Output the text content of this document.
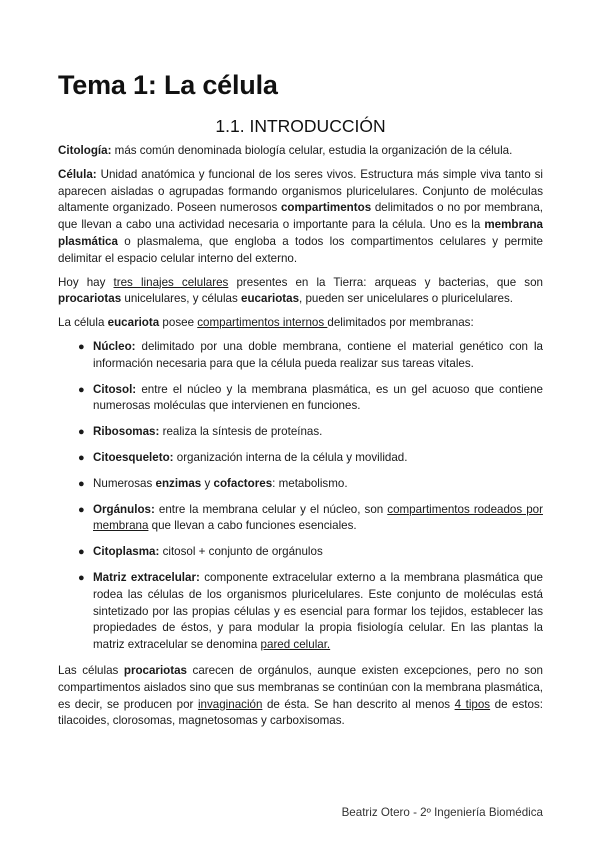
Tema 1: La célula
1.1. INTRODUCCIÓN

Citología: más común denominada biología celular, estudia la organización de la célula.

Célula: Unidad anatómica y funcional de los seres vivos. Estructura más simple viva tanto si aparecen aisladas o agrupadas formando organismos pluricelulares. Conjunto de moléculas altamente organizado. Poseen numerosos compartimentos delimitados o no por membrana, que llevan a cabo una actividad necesaria o importante para la célula. Uno es la membrana plasmática o plasmalema, que engloba a todos los compartimentos celulares y permite delimitar el espacio celular interno del externo.

Hoy hay tres linajes celulares presentes en la Tierra: arqueas y bacterias, que son procariotas unicelulares, y células eucariotas, pueden ser unicelulares o pluricelulares.

La célula eucariota posee compartimentos internos delimitados por membranas:

● Núcleo: delimitado por una doble membrana, contiene el material genético con la información necesaria para que la célula pueda realizar sus tareas vitales.
● Citosol: entre el núcleo y la membrana plasmática, es un gel acuoso que contiene numerosas moléculas que intervienen en funciones.
● Ribosomas: realiza la síntesis de proteínas.
● Citoesqueleto: organización interna de la célula y movilidad.
● Numerosas enzimas y cofactores: metabolismo.
● Orgánulos: entre la membrana celular y el núcleo, son compartimentos rodeados por membrana que llevan a cabo funciones esenciales.
● Citoplasma: citosol + conjunto de orgánulos
● Matriz extracelular: componente extracelular externo a la membrana plasmática que rodea las células de los organismos pluricelulares. Este conjunto de moléculas está sintetizado por las propias células y es esencial para formar los tejidos, establecer las propiedades de éstos, y para modular la propia fisiología celular. En las plantas la matriz extracelular se denomina pared celular.

Las células procariotas carecen de orgánulos, aunque existen excepciones, pero no son compartimentos aislados sino que sus membranas se continúan con la membrana plasmática, es decir, se producen por invaginación de ésta. Se han descrito al menos 4 tipos de estos: tilacoides, clorosomas, magnetosomas y carboxisomas.

Beatriz Otero - 2º Ingeniería Biomédica
